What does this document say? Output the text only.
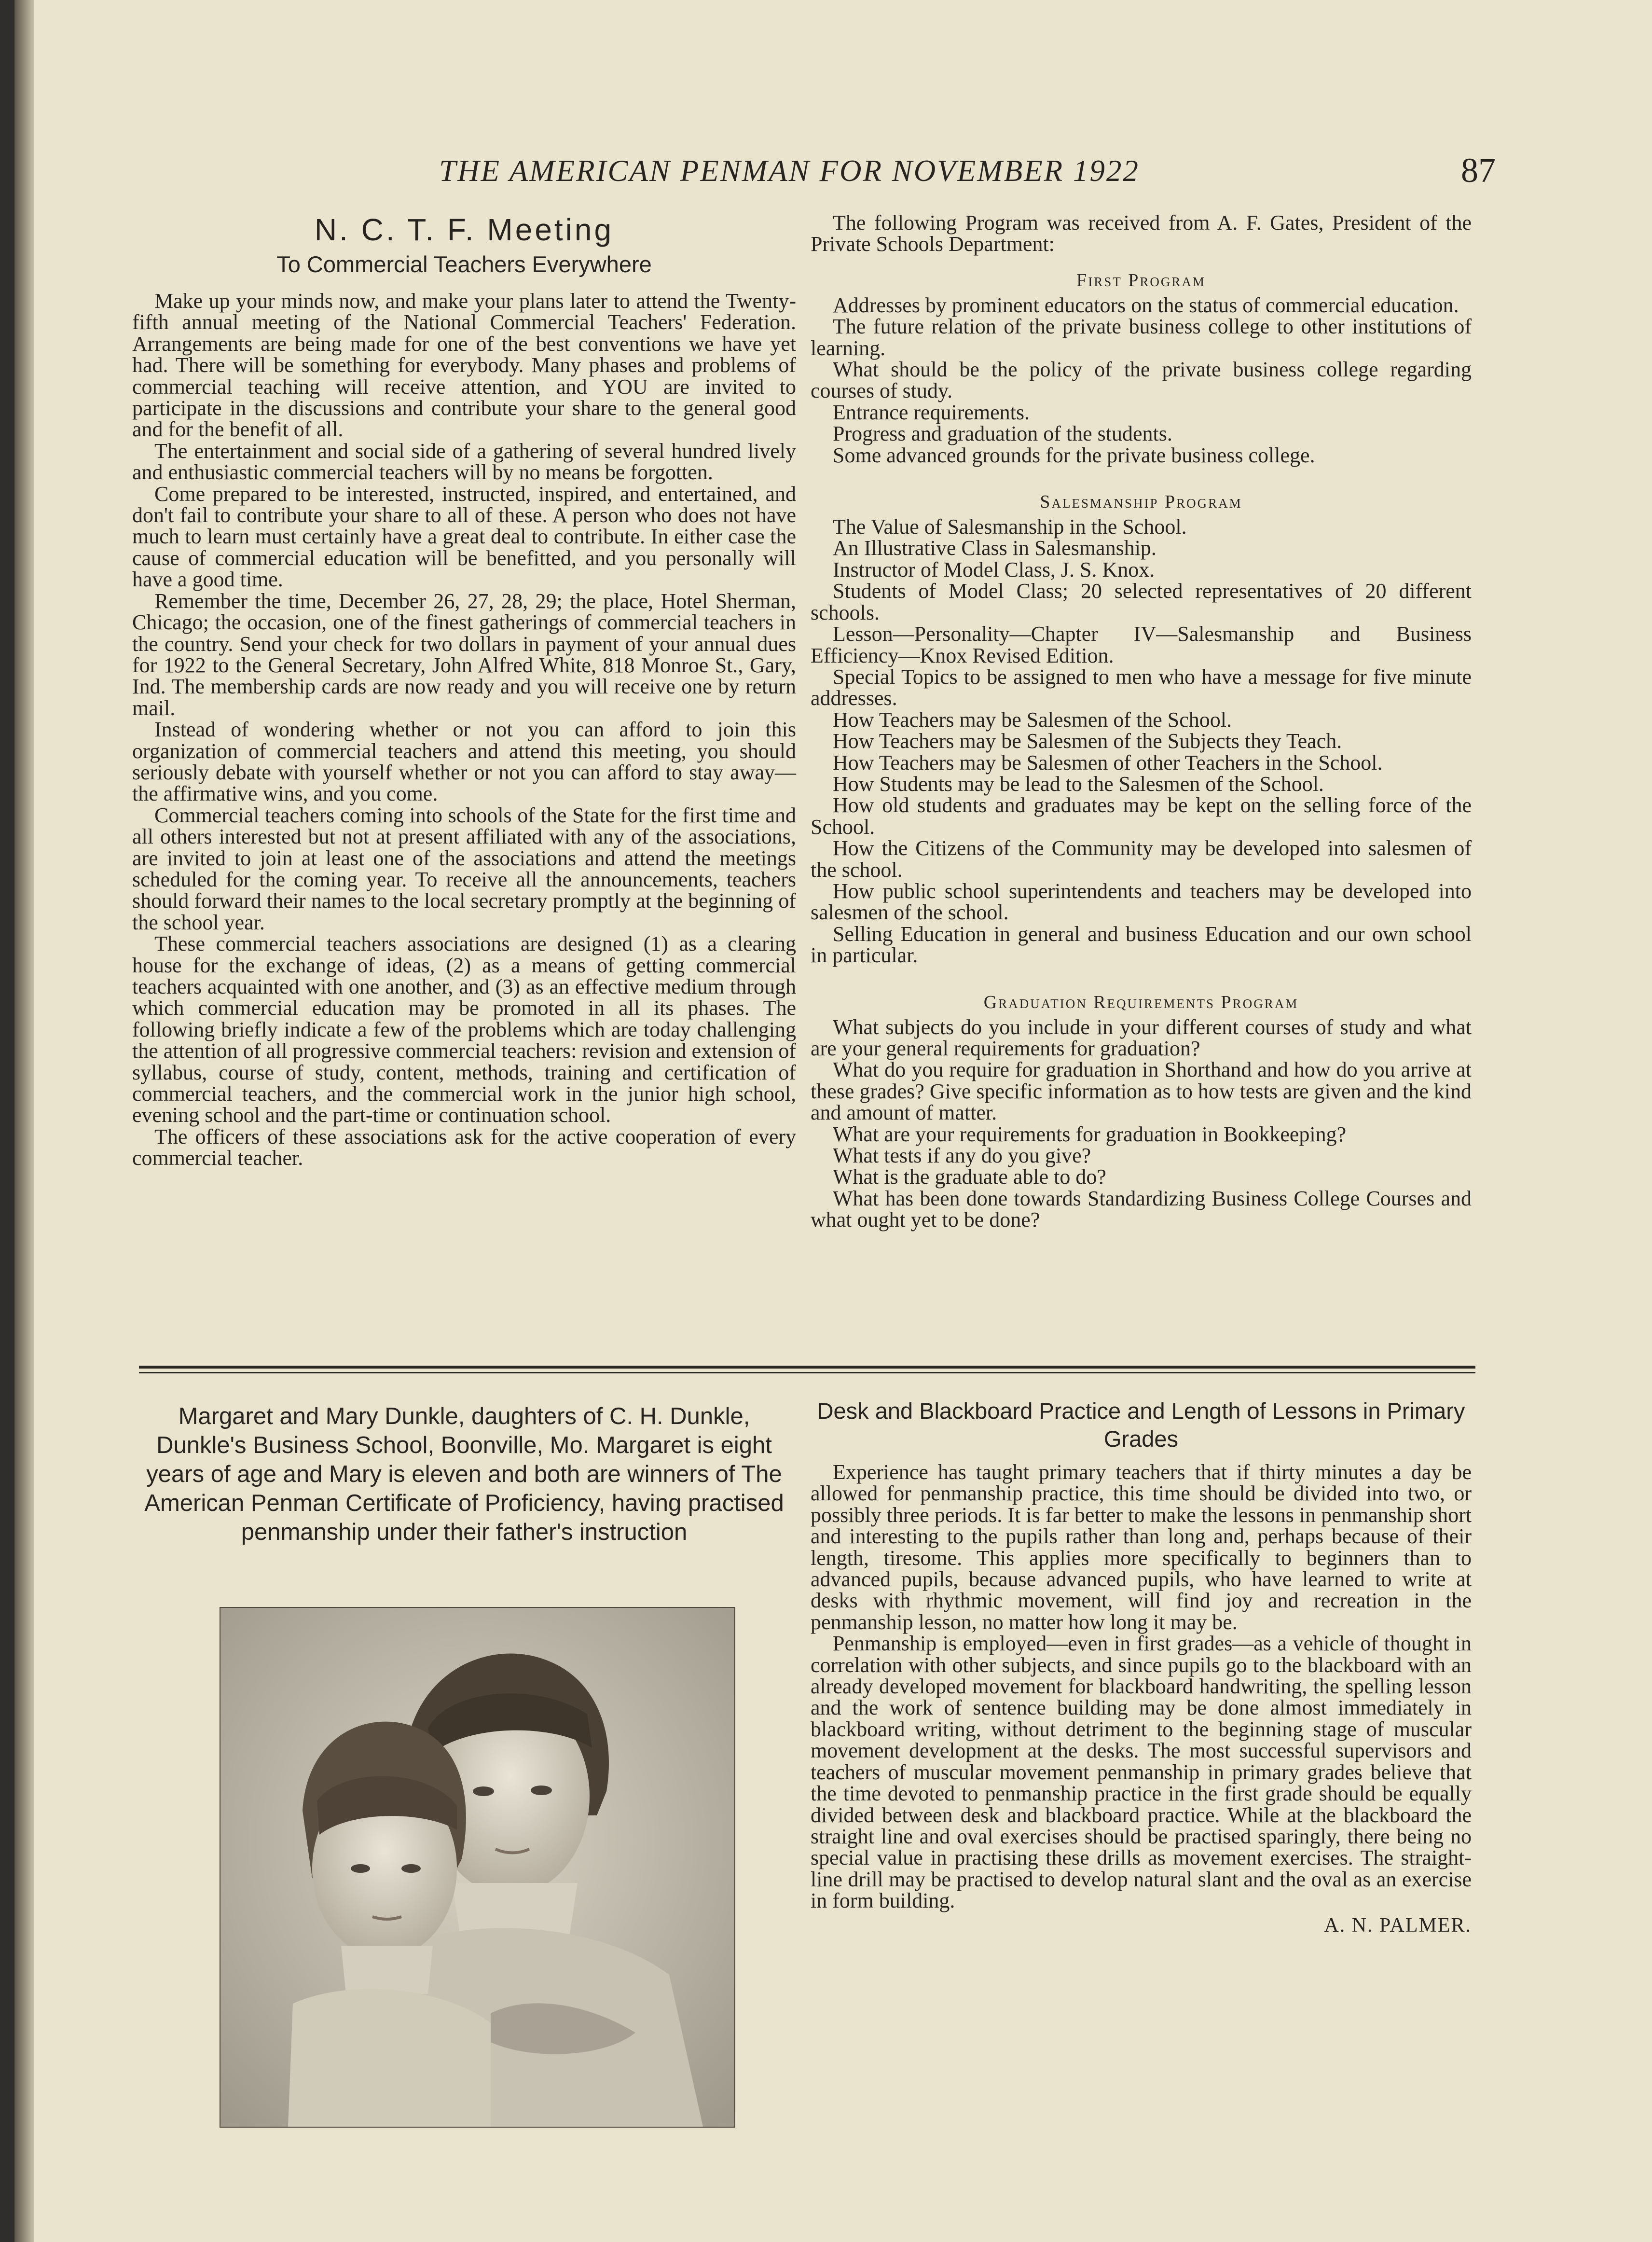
THE AMERICAN PENMAN FOR NOVEMBER 1922	87
N. C. T. F. Meeting
To Commercial Teachers Everywhere

Make up your minds now, and make your plans later to attend the Twenty-fifth annual meeting of the National Commercial Teachers' Federation. Arrangements are being made for one of the best conventions we have yet had. There will be something for everybody. Many phases and problems of commercial teaching will receive attention, and YOU are invited to participate in the discussions and contribute your share to the general good and for the benefit of all.

The entertainment and social side of a gathering of several hundred lively and enthusiastic commercial teachers will by no means be forgotten.

Come prepared to be interested, instructed, inspired, and entertained, and don't fail to contribute your share to all of these. A person who does not have much to learn must certainly have a great deal to contribute. In either case the cause of commercial education will be benefitted, and you personally will have a good time.

Remember the time, December 26, 27, 28, 29; the place, Hotel Sherman, Chicago; the occasion, one of the finest gatherings of commercial teachers in the country. Send your check for two dollars in payment of your annual dues for 1922 to the General Secretary, John Alfred White, 818 Monroe St., Gary, Ind. The membership cards are now ready and you will receive one by return mail.

Instead of wondering whether or not you can afford to join this organization of commercial teachers and attend this meeting, you should seriously debate with yourself whether or not you can afford to stay away—the affirmative wins, and you come.

Commercial teachers coming into schools of the State for the first time and all others interested but not at present affiliated with any of the associations, are invited to join at least one of the associations and attend the meetings scheduled for the coming year. To receive all the announcements, teachers should forward their names to the local secretary promptly at the beginning of the school year.

These commercial teachers associations are designed (1) as a clearing house for the exchange of ideas, (2) as a means of getting commercial teachers acquainted with one another, and (3) as an effective medium through which commercial education may be promoted in all its phases. The following briefly indicate a few of the problems which are today challenging the attention of all progressive commercial teachers: revision and extension of syllabus, course of study, content, methods, training and certification of commercial teachers, and the commercial work in the junior high school, evening school and the part-time or continuation school.

The officers of these associations ask for the active cooperation of every commercial teacher.

The following Program was received from A. F. Gates, President of the Private Schools Department:

First Program

Addresses by prominent educators on the status of commercial education.

The future relation of the private business college to other institutions of learning.

What should be the policy of the private business college regarding courses of study.

Entrance requirements.

Progress and graduation of the students.

Some advanced grounds for the private business college.

Salesmanship Program

The Value of Salesmanship in the School.

An Illustrative Class in Salesmanship.

Instructor of Model Class, J. S. Knox.

Students of Model Class; 20 selected representatives of 20 different schools.

Lesson—Personality—Chapter IV—Salesmanship and Business Efficiency—Knox Revised Edition.

Special Topics to be assigned to men who have a message for five minute addresses.

How Teachers may be Salesmen of the School.

How Teachers may be Salesmen of the Subjects they Teach.

How Teachers may be Salesmen of other Teachers in the School.

How Students may be lead to the Salesmen of the School.

How old students and graduates may be kept on the selling force of the School.

How the Citizens of the Community may be developed into salesmen of the school.

How public school superintendents and teachers may be developed into salesmen of the school.

Selling Education in general and business Education and our own school in particular.

Graduation Requirements Program

What subjects do you include in your different courses of study and what are your general requirements for graduation?

What do you require for graduation in Shorthand and how do you arrive at these grades? Give specific information as to how tests are given and the kind and amount of matter.

What are your requirements for graduation in Bookkeeping?

What tests if any do you give?

What is the graduate able to do?

What has been done towards Standardizing Business College Courses and what ought yet to be done?

Margaret and Mary Dunkle, daughters of C. H. Dunkle, Dunkle's Business School, Boonville, Mo. Margaret is eight years of age and Mary is eleven and both are winners of The American Penman Certificate of Proficiency, having practised penmanship under their father's instruction
Desk and Blackboard Practice and Length of Lessons in Primary Grades

Experience has taught primary teachers that if thirty minutes a day be allowed for penmanship practice, this time should be divided into two, or possibly three periods. It is far better to make the lessons in penmanship short and interesting to the pupils rather than long and, perhaps because of their length, tiresome. This applies more specifically to beginners than to advanced pupils, because advanced pupils, who have learned to write at desks with rhythmic movement, will find joy and recreation in the penmanship lesson, no matter how long it may be.

Penmanship is employed—even in first grades—as a vehicle of thought in correlation with other subjects, and since pupils go to the blackboard with an already developed movement for blackboard handwriting, the spelling lesson and the work of sentence building may be done almost immediately in blackboard writing, without detriment to the beginning stage of muscular movement development at the desks. The most successful supervisors and teachers of muscular movement penmanship in primary grades believe that the time devoted to penmanship practice in the first grade should be equally divided between desk and blackboard practice. While at the blackboard the straight line and oval exercises should be practised sparingly, there being no special value in practising these drills as movement exercises. The straight-line drill may be practised to develop natural slant and the oval as an exercise in form building.

A. N. PALMER.
